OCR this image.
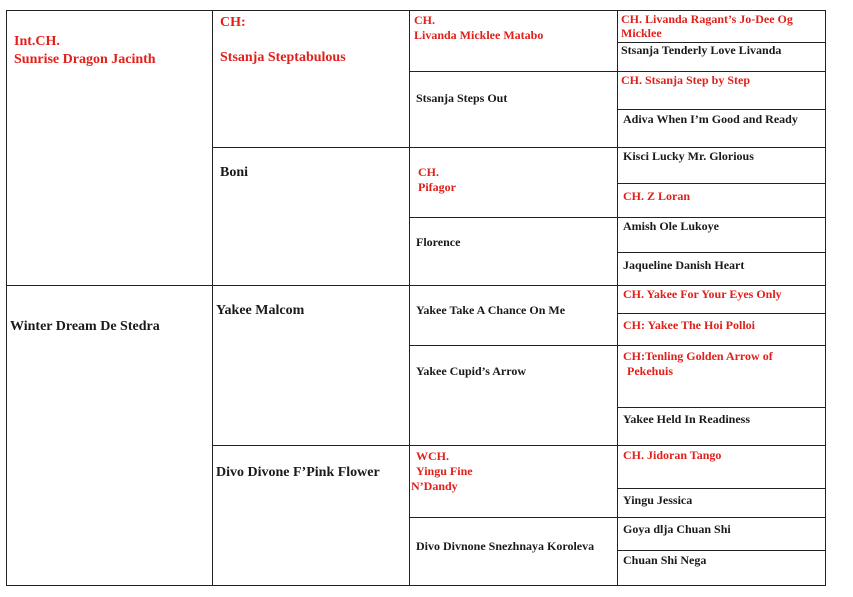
Int.CH.
Sunrise Dragon Jacinth
Winter Dream De Stedra
CH:
Stsanja Steptabulous
Boni
Yakee Malcom
Divo Divone F’Pink Flower
CH.
Livanda Micklee Matabo
Stsanja Steps Out
CH.
Pifagor
Florence
Yakee Take A Chance On Me
Yakee Cupid’s Arrow
WCH.
Yingu Fine
N’Dandy
Divo Divnone Snezhnaya Koroleva
CH. Livanda Ragant’s Jo-Dee Og
Micklee
Stsanja Tenderly Love Livanda
CH. Stsanja Step by Step
Adiva When I’m Good and Ready
Kisci Lucky Mr. Glorious
CH. Z Loran
Amish Ole Lukoye
Jaqueline Danish Heart
CH. Yakee For Your Eyes Only
CH: Yakee The Hoi Polloi
CH:Tenling Golden Arrow of
Pekehuis
Yakee Held In Readiness
CH. Jidoran Tango
Yingu Jessica
Goya dlja Chuan Shi
Chuan Shi Nega
